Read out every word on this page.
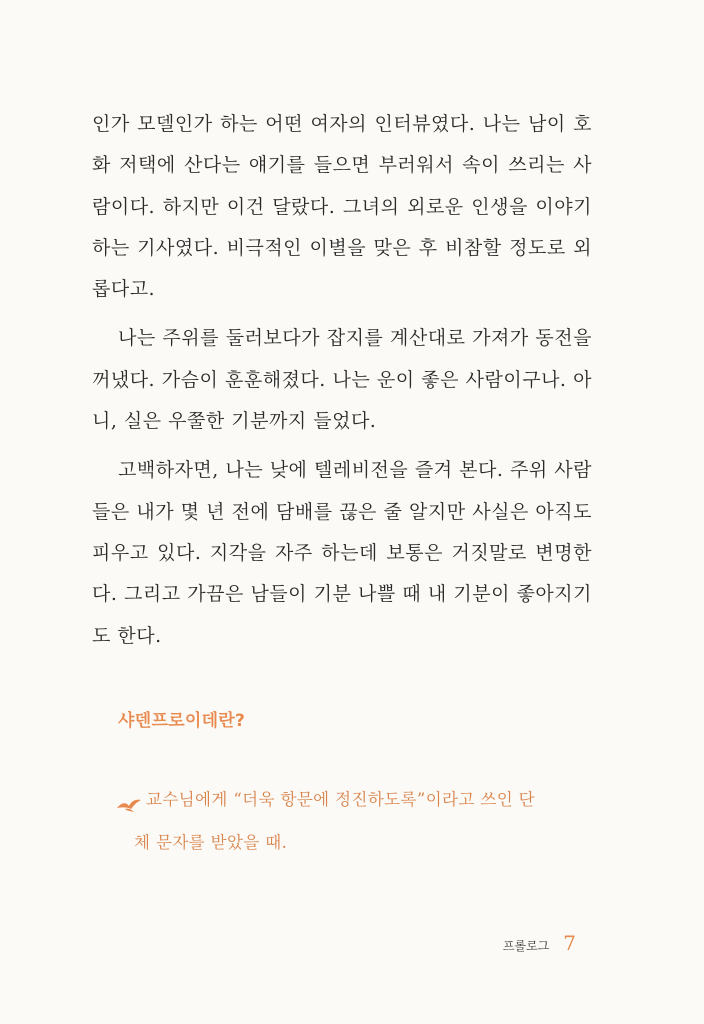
인가 모델인가 하는 어떤 여자의 인터뷰였다. 나는 남이 호화 저택에 산다는 얘기를 들으면 부러워서 속이 쓰리는 사람이다. 하지만 이건 달랐다. 그녀의 외로운 인생을 이야기하는 기사였다. 비극적인 이별을 맞은 후 비참할 정도로 외롭다고.

나는 주위를 둘러보다가 잡지를 계산대로 가져가 동전을 꺼냈다. 가슴이 훈훈해졌다. 나는 운이 좋은 사람이구나. 아니, 실은 우쭐한 기분까지 들었다.

고백하자면, 나는 낮에 텔레비전을 즐겨 본다. 주위 사람들은 내가 몇 년 전에 담배를 끊은 줄 알지만 사실은 아직도 피우고 있다. 지각을 자주 하는데 보통은 거짓말로 변명한다. 그리고 가끔은 남들이 기분 나쁠 때 내 기분이 좋아지기도 한다.

샤덴프로이데란?
교수님에게 “더욱 항문에 정진하도록”이라고 쓰인 단
체 문자를 받았을 때.
프롤로그 7
